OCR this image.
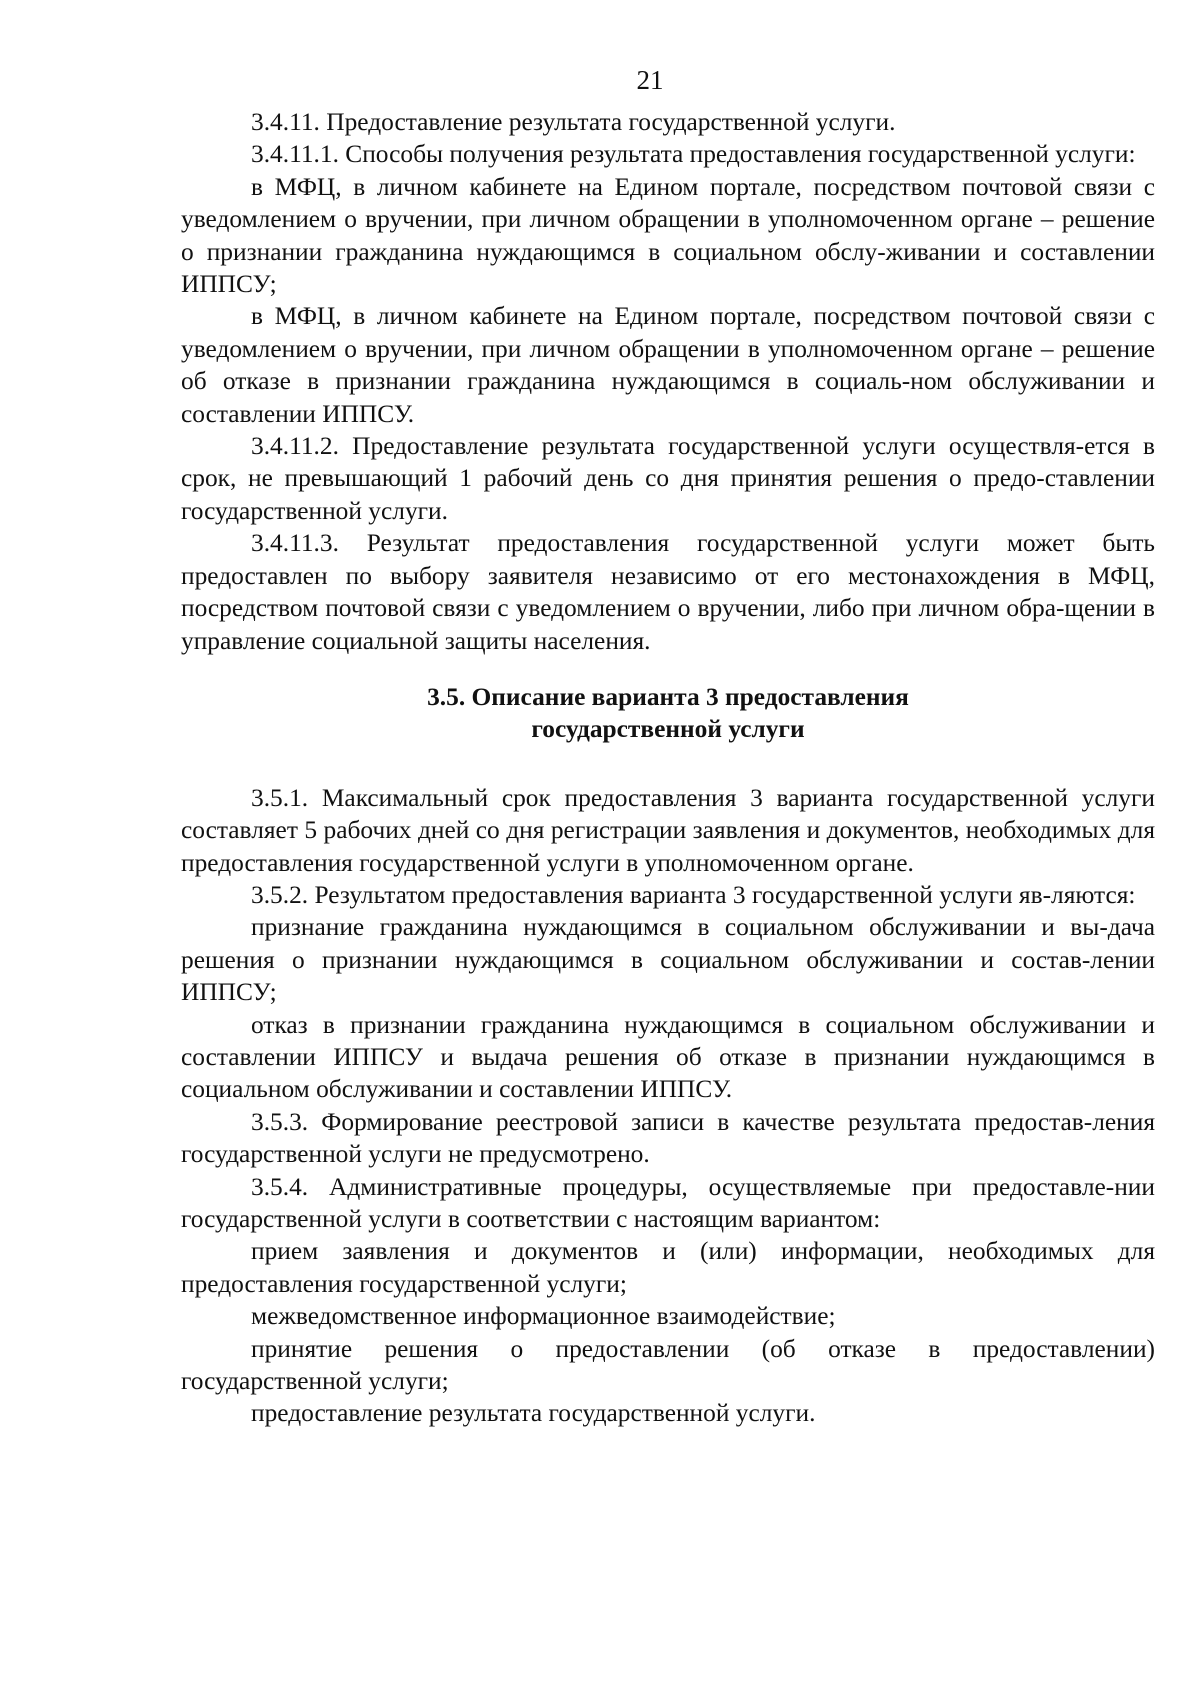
21

3.4.11. Предоставление результата государственной услуги.

3.4.11.1. Способы получения результата предоставления государственной услуги:

в МФЦ, в личном кабинете на Едином портале, посредством почтовой связи с уведомлением о вручении, при личном обращении в уполномоченном органе – решение о признании гражданина нуждающимся в социальном обслу-живании и составлении ИППСУ;

в МФЦ, в личном кабинете на Едином портале, посредством почтовой связи с уведомлением о вручении, при личном обращении в уполномоченном органе – решение об отказе в признании гражданина нуждающимся в социаль-ном обслуживании и составлении ИППСУ.

3.4.11.2. Предоставление результата государственной услуги осуществля-ется в срок, не превышающий 1 рабочий день со дня принятия решения о предо-ставлении государственной услуги.

3.4.11.3. Результат предоставления государственной услуги может быть предоставлен по выбору заявителя независимо от его местонахождения в МФЦ, посредством почтовой связи с уведомлением о вручении, либо при личном обра-щении в управление социальной защиты населения.

3.5. Описание варианта 3 предоставления
государственной услуги

3.5.1. Максимальный срок предоставления 3 варианта государственной услуги составляет 5 рабочих дней со дня регистрации заявления и документов, необходимых для предоставления государственной услуги в уполномоченном органе.

3.5.2. Результатом предоставления варианта 3 государственной услуги яв-ляются:

признание гражданина нуждающимся в социальном обслуживании и вы-дача решения о признании нуждающимся в социальном обслуживании и состав-лении ИППСУ;

отказ в признании гражданина нуждающимся в социальном обслуживании и составлении ИППСУ и выдача решения об отказе в признании нуждающимся в социальном обслуживании и составлении ИППСУ.

3.5.3. Формирование реестровой записи в качестве результата предостав-ления государственной услуги не предусмотрено.

3.5.4. Административные процедуры, осуществляемые при предоставле-нии государственной услуги в соответствии с настоящим вариантом:

прием заявления и документов и (или) информации, необходимых для предоставления государственной услуги;

межведомственное информационное взаимодействие;

принятие решения о предоставлении (об отказе в предоставлении) государственной услуги;

предоставление результата государственной услуги.
